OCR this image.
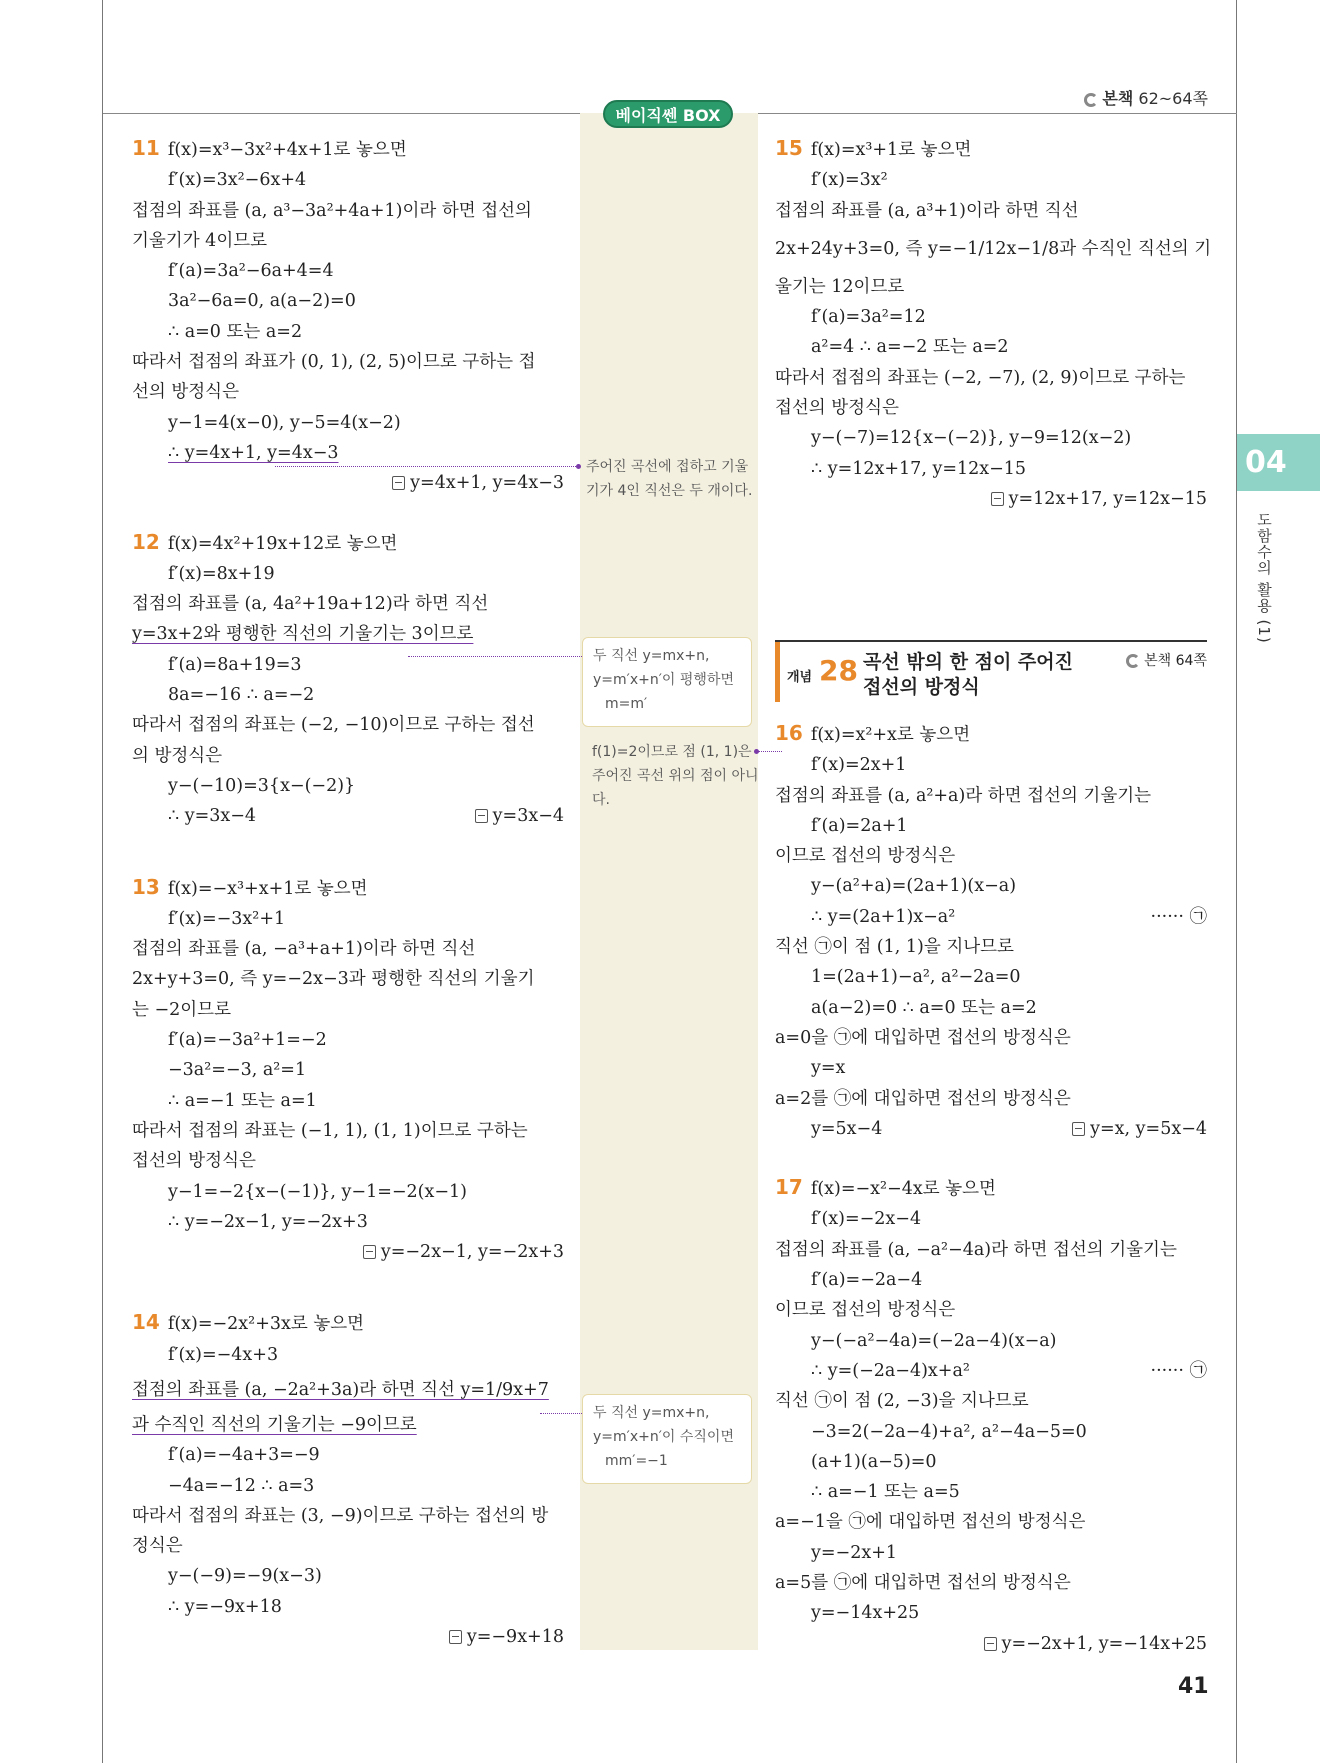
본책 62~64쪽
베이직쎈 BOX
11 f(x)=x³−3x²+4x+1로 놓으면
f′(x)=3x²−6x+4
접점의 좌표를 (a, a³−3a²+4a+1)이라 하면 접선의
기울기가 4이므로
f′(a)=3a²−6a+4=4
3a²−6a=0, a(a−2)=0
∴ a=0 또는 a=2
따라서 접점의 좌표가 (0, 1), (2, 5)이므로 구하는 접
선의 방정식은
y−1=4(x−0), y−5=4(x−2)
∴ y=4x+1, y=4x−3
y=4x+1, y=4x−3
12 f(x)=4x²+19x+12로 놓으면
f′(x)=8x+19
접점의 좌표를 (a, 4a²+19a+12)라 하면 직선
y=3x+2와 평행한 직선의 기울기는 3이므로
f′(a)=8a+19=3
8a=−16 ∴ a=−2
따라서 접점의 좌표는 (−2, −10)이므로 구하는 접선
의 방정식은
y−(−10)=3{x−(−2)}
∴ y=3x−4	y=3x−4
13 f(x)=−x³+x+1로 놓으면
f′(x)=−3x²+1
접점의 좌표를 (a, −a³+a+1)이라 하면 직선
2x+y+3=0, 즉 y=−2x−3과 평행한 직선의 기울기
는 −2이므로
f′(a)=−3a²+1=−2
−3a²=−3, a²=1
∴ a=−1 또는 a=1
따라서 접점의 좌표는 (−1, 1), (1, 1)이므로 구하는
접선의 방정식은
y−1=−2{x−(−1)}, y−1=−2(x−1)
∴ y=−2x−1, y=−2x+3
y=−2x−1, y=−2x+3
14 f(x)=−2x²+3x로 놓으면
f′(x)=−4x+3
접점의 좌표를 (a, −2a²+3a)라 하면 직선 y=1/9x+7
과 수직인 직선의 기울기는 −9이므로
f′(a)=−4a+3=−9
−4a=−12 ∴ a=3
따라서 접점의 좌표는 (3, −9)이므로 구하는 접선의 방
정식은
y−(−9)=−9(x−3)
∴ y=−9x+18
y=−9x+18
주어진 곡선에 접하고 기울기가 4인 직선은 두 개이다.
두 직선 y=mx+n,
y=m′x+n′이 평행하면
m=m′
f(1)=2이므로 점 (1, 1)은 주어진 곡선 위의 점이 아니다.
두 직선 y=mx+n,
y=m′x+n′이 수직이면
mm′=−1
15 f(x)=x³+1로 놓으면
f′(x)=3x²
접점의 좌표를 (a, a³+1)이라 하면 직선
2x+24y+3=0, 즉 y=−1/12x−1/8과 수직인 직선의 기
울기는 12이므로
f′(a)=3a²=12
a²=4 ∴ a=−2 또는 a=2
따라서 접점의 좌표는 (−2, −7), (2, 9)이므로 구하는
접선의 방정식은
y−(−7)=12{x−(−2)}, y−9=12(x−2)
∴ y=12x+17, y=12x−15
y=12x+17, y=12x−15
개념 28 곡선 밖의 한 점이 주어진
접선의 방정식
본책 64쪽
16 f(x)=x²+x로 놓으면
f′(x)=2x+1
접점의 좌표를 (a, a²+a)라 하면 접선의 기울기는
f′(a)=2a+1
이므로 접선의 방정식은
y−(a²+a)=(2a+1)(x−a)
∴ y=(2a+1)x−a²	······ ㉠
직선 ㉠이 점 (1, 1)을 지나므로
1=(2a+1)−a², a²−2a=0
a(a−2)=0 ∴ a=0 또는 a=2
a=0을 ㉠에 대입하면 접선의 방정식은
y=x
a=2를 ㉠에 대입하면 접선의 방정식은
y=5x−4	y=x, y=5x−4
17 f(x)=−x²−4x로 놓으면
f′(x)=−2x−4
접점의 좌표를 (a, −a²−4a)라 하면 접선의 기울기는
f′(a)=−2a−4
이므로 접선의 방정식은
y−(−a²−4a)=(−2a−4)(x−a)
∴ y=(−2a−4)x+a²	······ ㉠
직선 ㉠이 점 (2, −3)을 지나므로
−3=2(−2a−4)+a², a²−4a−5=0
(a+1)(a−5)=0
∴ a=−1 또는 a=5
a=−1을 ㉠에 대입하면 접선의 방정식은
y=−2x+1
a=5를 ㉠에 대입하면 접선의 방정식은
y=−14x+25
y=−2x+1, y=−14x+25
04
도함수의 활용 (1)
41
